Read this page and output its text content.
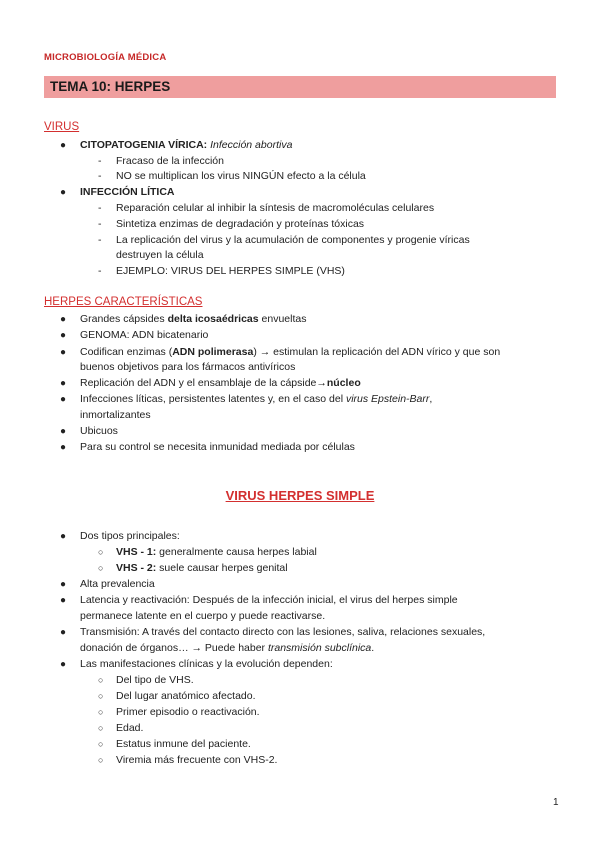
MICROBIOLOGÍA MÉDICA
TEMA 10: HERPES
VIRUS
● CITOPATOGENIA VÍRICA: Infección abortiva
- Fracaso de la infección
- NO se multiplican los virus NINGÚN efecto a la célula
● INFECCIÓN LÍTICA
- Reparación celular al inhibir la síntesis de macromoléculas celulares
- Sintetiza enzimas de degradación y proteínas tóxicas
- La replicación del virus y la acumulación de componentes y progenie víricas
destruyen la célula
- EJEMPLO: VIRUS DEL HERPES SIMPLE (VHS)
HERPES CARACTERÍSTICAS
● Grandes cápsides delta icosaédricas envueltas
● GENOMA: ADN bicatenario
● Codifican enzimas (ADN polimerasa) → estimulan la replicación del ADN vírico y que son
buenos objetivos para los fármacos antivíricos
● Replicación del ADN y el ensamblaje de la cápside→núcleo
● Infecciones líticas, persistentes latentes y, en el caso del virus Epstein-Barr,
inmortalizantes
● Ubicuos
● Para su control se necesita inmunidad mediada por células
VIRUS HERPES SIMPLE
● Dos tipos principales:
○ VHS - 1: generalmente causa herpes labial
○ VHS - 2: suele causar herpes genital
● Alta prevalencia
● Latencia y reactivación: Después de la infección inicial, el virus del herpes simple
permanece latente en el cuerpo y puede reactivarse.
● Transmisión: A través del contacto directo con las lesiones, saliva, relaciones sexuales,
donación de órganos… → Puede haber transmisión subclínica.
● Las manifestaciones clínicas y la evolución dependen:
○ Del tipo de VHS.
○ Del lugar anatómico afectado.
○ Primer episodio o reactivación.
○ Edad.
○ Estatus inmune del paciente.
○ Viremia más frecuente con VHS-2.
1
